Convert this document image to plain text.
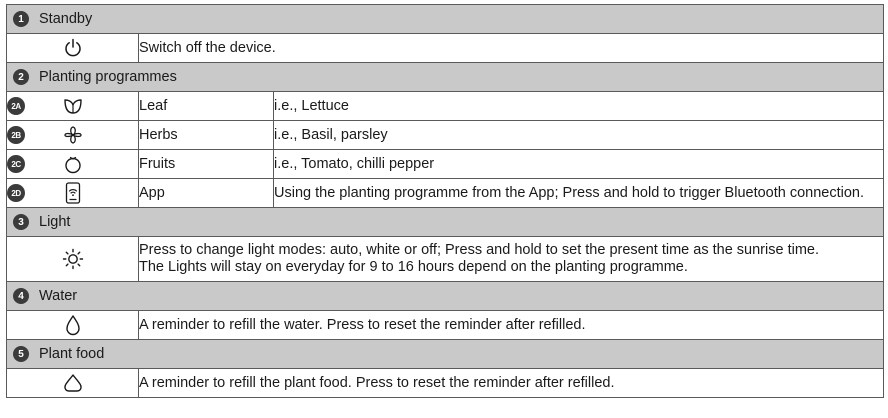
1 Standby		

	Switch off the device.	

2 Planting programmes		

2A	Leaf	i.e., Lettuce

2B	Herbs	i.e., Basil, parsley

2C	Fruits	i.e., Tomato, chilli pepper

2D	App	Using the planting programme from the App; Press and hold to trigger Bluetooth connection.

3 Light		

Press to change light modes: auto, white or off; Press and hold to set the present time as the sunrise time.
The Lights will stay on everyday for 9 to 16 hours depend on the planting programme.	

4 Water		

	A reminder to refill the water. Press to reset the reminder after refilled.	

5 Plant food		

	A reminder to refill the plant food. Press to reset the reminder after refilled.	
